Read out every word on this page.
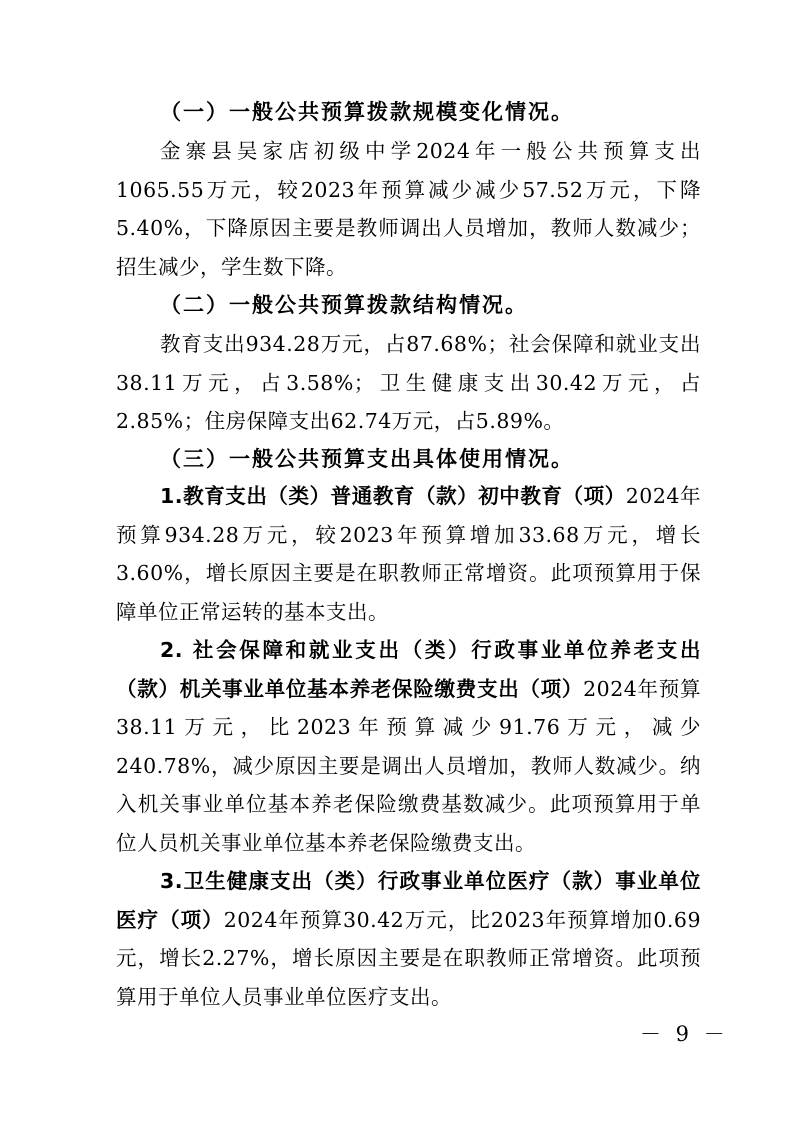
（一）一般公共预算拨款规模变化情况。

金寨县吴家店初级中学2024年一般公共预算支出1065.55万元，较2023年预算减少减少57.52万元，下降5.40%，下降原因主要是教师调出人员增加，教师人数减少；招生减少，学生数下降。

（二）一般公共预算拨款结构情况。

教育支出934.28万元，占87.68%；社会保障和就业支出38.11万元，占3.58%；卫生健康支出30.42万元，占2.85%；住房保障支出62.74万元，占5.89%。

（三）一般公共预算支出具体使用情况。

1.教育支出（类）普通教育（款）初中教育（项）2024年预算934.28万元，较2023年预算增加33.68万元，增长3.60%，增长原因主要是在职教师正常增资。此项预算用于保障单位正常运转的基本支出。

2. 社会保障和就业支出（类）行政事业单位养老支出（款）机关事业单位基本养老保险缴费支出（项）2024年预算38.11万元，比2023年预算减少91.76万元，减少240.78%，减少原因主要是调出人员增加，教师人数减少。纳入机关事业单位基本养老保险缴费基数减少。此项预算用于单位人员机关事业单位基本养老保险缴费支出。

3.卫生健康支出（类）行政事业单位医疗（款）事业单位医疗（项）2024年预算30.42万元，比2023年预算增加0.69元，增长2.27%，增长原因主要是在职教师正常增资。此项预算用于单位人员事业单位医疗支出。

－ 9 －
